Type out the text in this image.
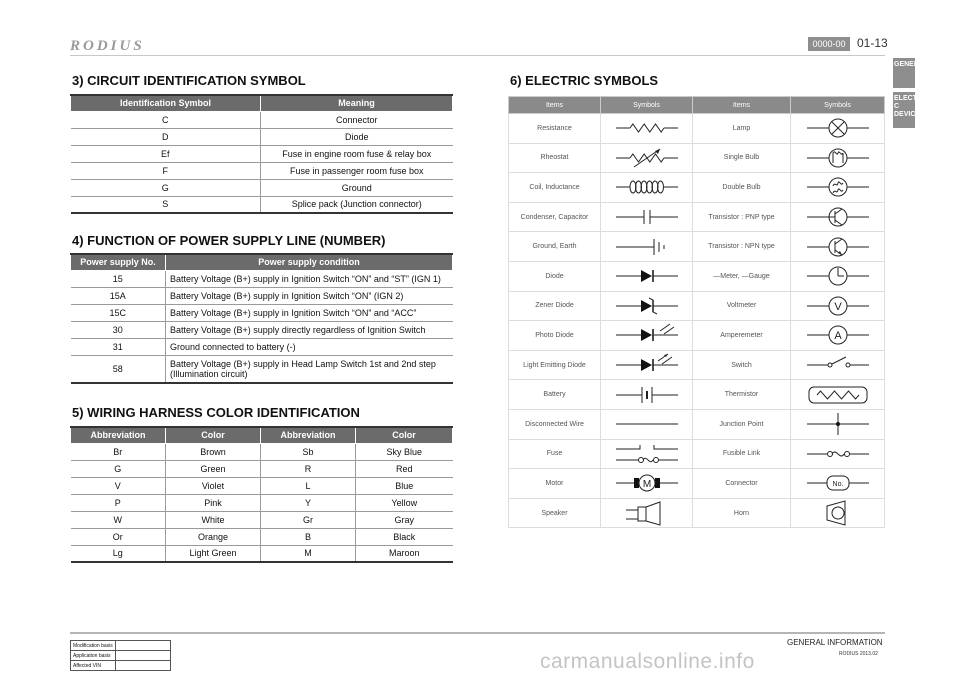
RODIUS	0000-00 01-13
GENERAL
ELECTRI C DEVICE
3) CIRCUIT IDENTIFICATION SYMBOL
Identification Symbol	Meaning
C	Connector
D	Diode
Ef	Fuse in engine room fuse & relay box
F	Fuse in passenger room fuse box
G	Ground
S	Splice pack (Junction connector)
4) FUNCTION OF POWER SUPPLY LINE (NUMBER)
Power supply No.	Power supply condition
15	Battery Voltage (B+) supply in Ignition Switch “ON” and “ST” (IGN 1)
15A	Battery Voltage (B+) supply in Ignition Switch “ON” (IGN 2)
15C	Battery Voltage (B+) supply in Ignition Switch “ON” and “ACC”
30	Battery Voltage (B+) supply directly regardless of Ignition Switch
31	Ground connected to battery (-)
58	Battery Voltage (B+) supply in Head Lamp Switch 1st and 2nd step (Illumination circuit)
5) WIRING HARNESS COLOR IDENTIFICATION
Abbreviation	Color	Abbreviation	Color
Br	Brown	Sb	Sky Blue
G	Green	R	Red
V	Violet	L	Blue
P	Pink	Y	Yellow
W	White	Gr	Gray
Or	Orange	B	Black
Lg	Light Green	M	Maroon
6) ELECTRIC SYMBOLS
Items	Symbols	Items	Symbols
Resistance		Lamp	

Rheostat		Single Bulb	

Coil, Inductance		Double Bulb	

Condenser, Capacitor		Transistor : PNP type	

Ground, Earth		Transistor : NPN type	

Diode		—Meter, —Gauge	

Zener Diode		Voltmeter	V

Photo Diode		Amperemeter	A

Light Emitting Diode		Switch	

Battery		Thermistor	

Disconnected Wire		Junction Point	

Fuse		Fusible Link	

Motor	M	Connector	No.

Speaker		Horn	
Modification basis	
Application basis	
Affected VIN	
GENERAL INFORMATION
RODIUS 2013.02
carmanualsonline.info
